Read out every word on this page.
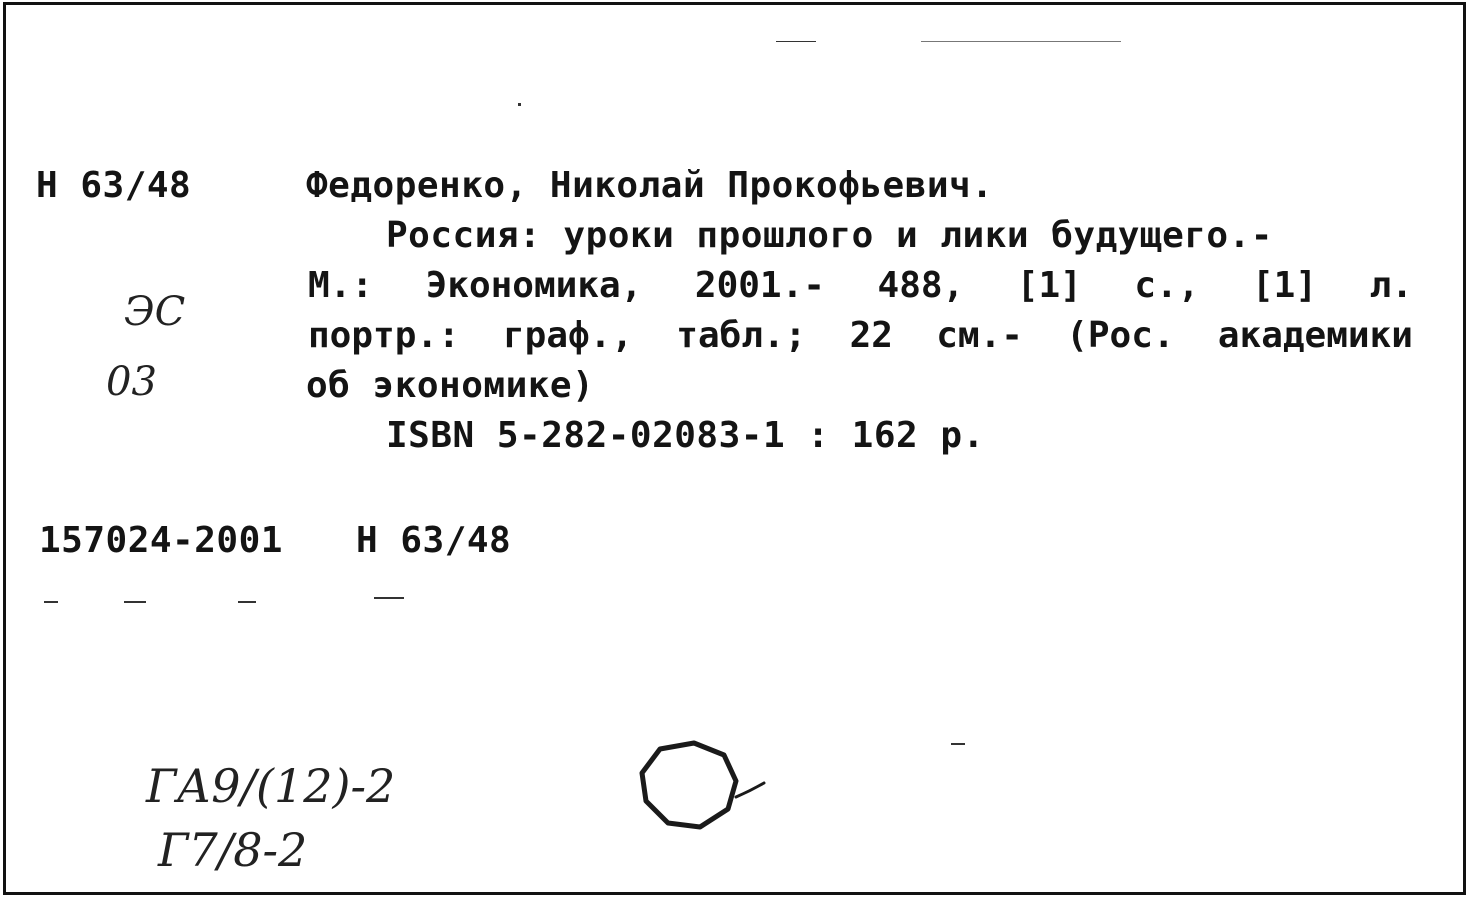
Н 63/48	Федоренко, Николай Прокофьевич.
Россия: уроки прошлого и лики будущего.-
М.: Экономика, 2001.- 488, [1] с., [1] л.
портр.: граф., табл.; 22 см.- (Рос. академики
об экономике)
ISBN 5-282-02083-1 : 162 р.
157024-2001 Н 63/48
ЭС
03
ГА9/(12)-2
Г7/8-2
